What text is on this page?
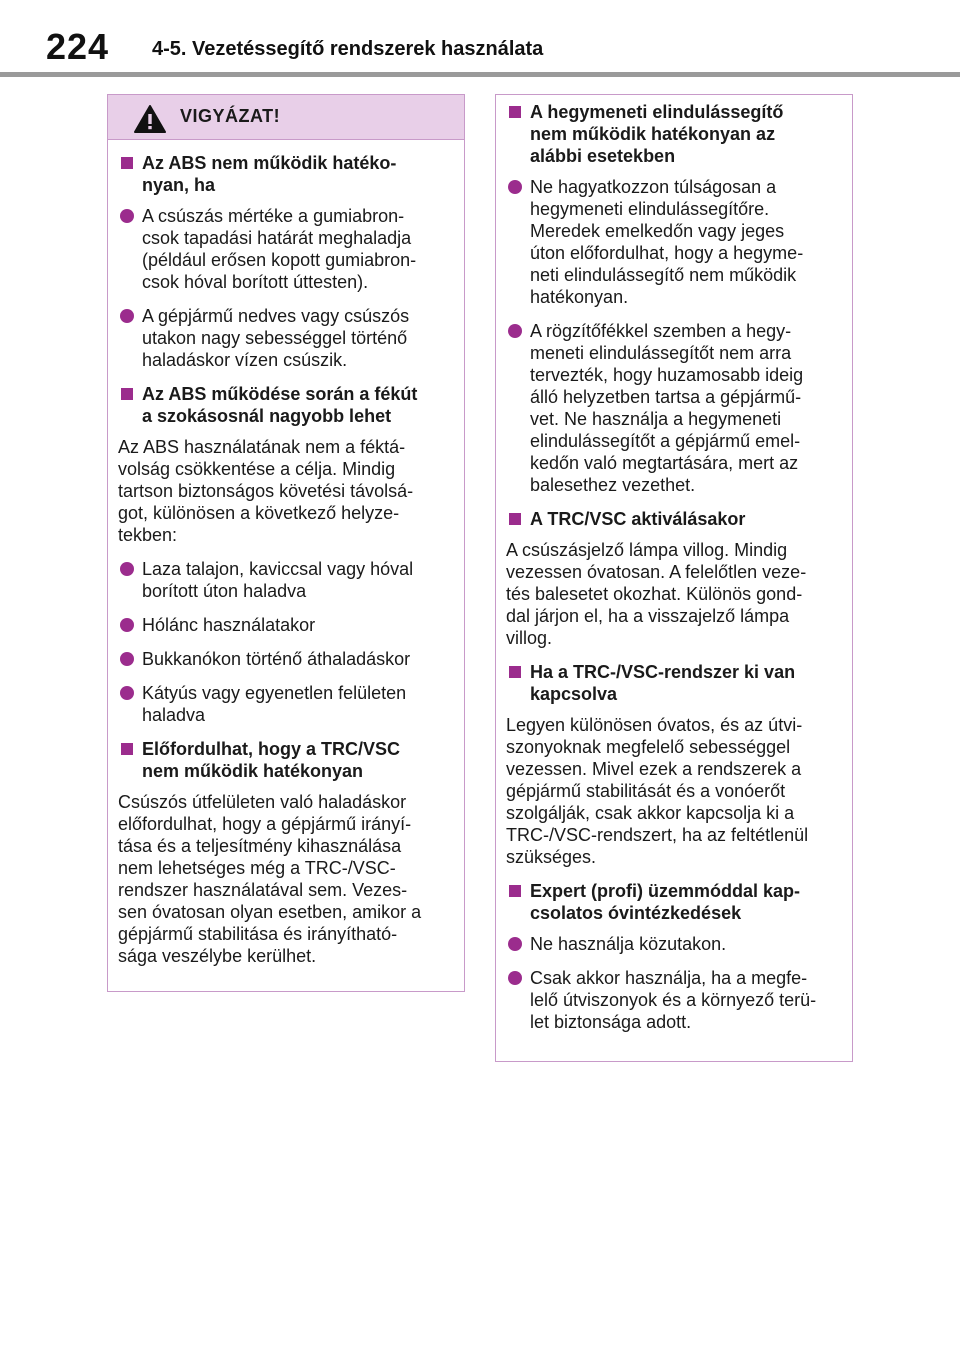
224 4-5. Vezetéssegítő rendszerek használata
VIGYÁZAT!
Az ABS nem működik hatéko-
nyan, ha
A csúszás mértéke a gumiabron-
csok tapadási határát meghaladja
(például erősen kopott gumiabron-
csok hóval borított úttesten).
A gépjármű nedves vagy csúszós
utakon nagy sebességgel történő
haladáskor vízen csúszik.
Az ABS működése során a fékút
a szokásosnál nagyobb lehet
Az ABS használatának nem a féktá-
volság csökkentése a célja. Mindig
tartson biztonságos követési távolsá-
got, különösen a következő helyze-
tekben:
Laza talajon, kaviccsal vagy hóval
borított úton haladva
Hólánc használatakor
Bukkanókon történő áthaladáskor
Kátyús vagy egyenetlen felületen
haladva
Előfordulhat, hogy a TRC/VSC
nem működik hatékonyan
Csúszós útfelületen való haladáskor
előfordulhat, hogy a gépjármű irányí-
tása és a teljesítmény kihasználása
nem lehetséges még a TRC-/VSC-
rendszer használatával sem. Vezes-
sen óvatosan olyan esetben, amikor a
gépjármű stabilitása és irányítható-
sága veszélybe kerülhet.
A hegymeneti elindulássegítő
nem működik hatékonyan az
alábbi esetekben
Ne hagyatkozzon túlságosan a
hegymeneti elindulássegítőre.
Meredek emelkedőn vagy jeges
úton előfordulhat, hogy a hegyme-
neti elindulássegítő nem működik
hatékonyan.
A rögzítőfékkel szemben a hegy-
meneti elindulássegítőt nem arra
tervezték, hogy huzamosabb ideig
álló helyzetben tartsa a gépjármű-
vet. Ne használja a hegymeneti
elindulássegítőt a gépjármű emel-
kedőn való megtartására, mert az
balesethez vezethet.
A TRC/VSC aktiválásakor
A csúszásjelző lámpa villog. Mindig
vezessen óvatosan. A felelőtlen veze-
tés balesetet okozhat. Különös gond-
dal járjon el, ha a visszajelző lámpa
villog.
Ha a TRC-/VSC-rendszer ki van
kapcsolva
Legyen különösen óvatos, és az útvi-
szonyoknak megfelelő sebességgel
vezessen. Mivel ezek a rendszerek a
gépjármű stabilitását és a vonóerőt
szolgálják, csak akkor kapcsolja ki a
TRC-/VSC-rendszert, ha az feltétlenül
szükséges.
Expert (profi) üzemmóddal kap-
csolatos óvintézkedések
Ne használja közutakon.
Csak akkor használja, ha a megfe-
lelő útviszonyok és a környező terü-
let biztonsága adott.
